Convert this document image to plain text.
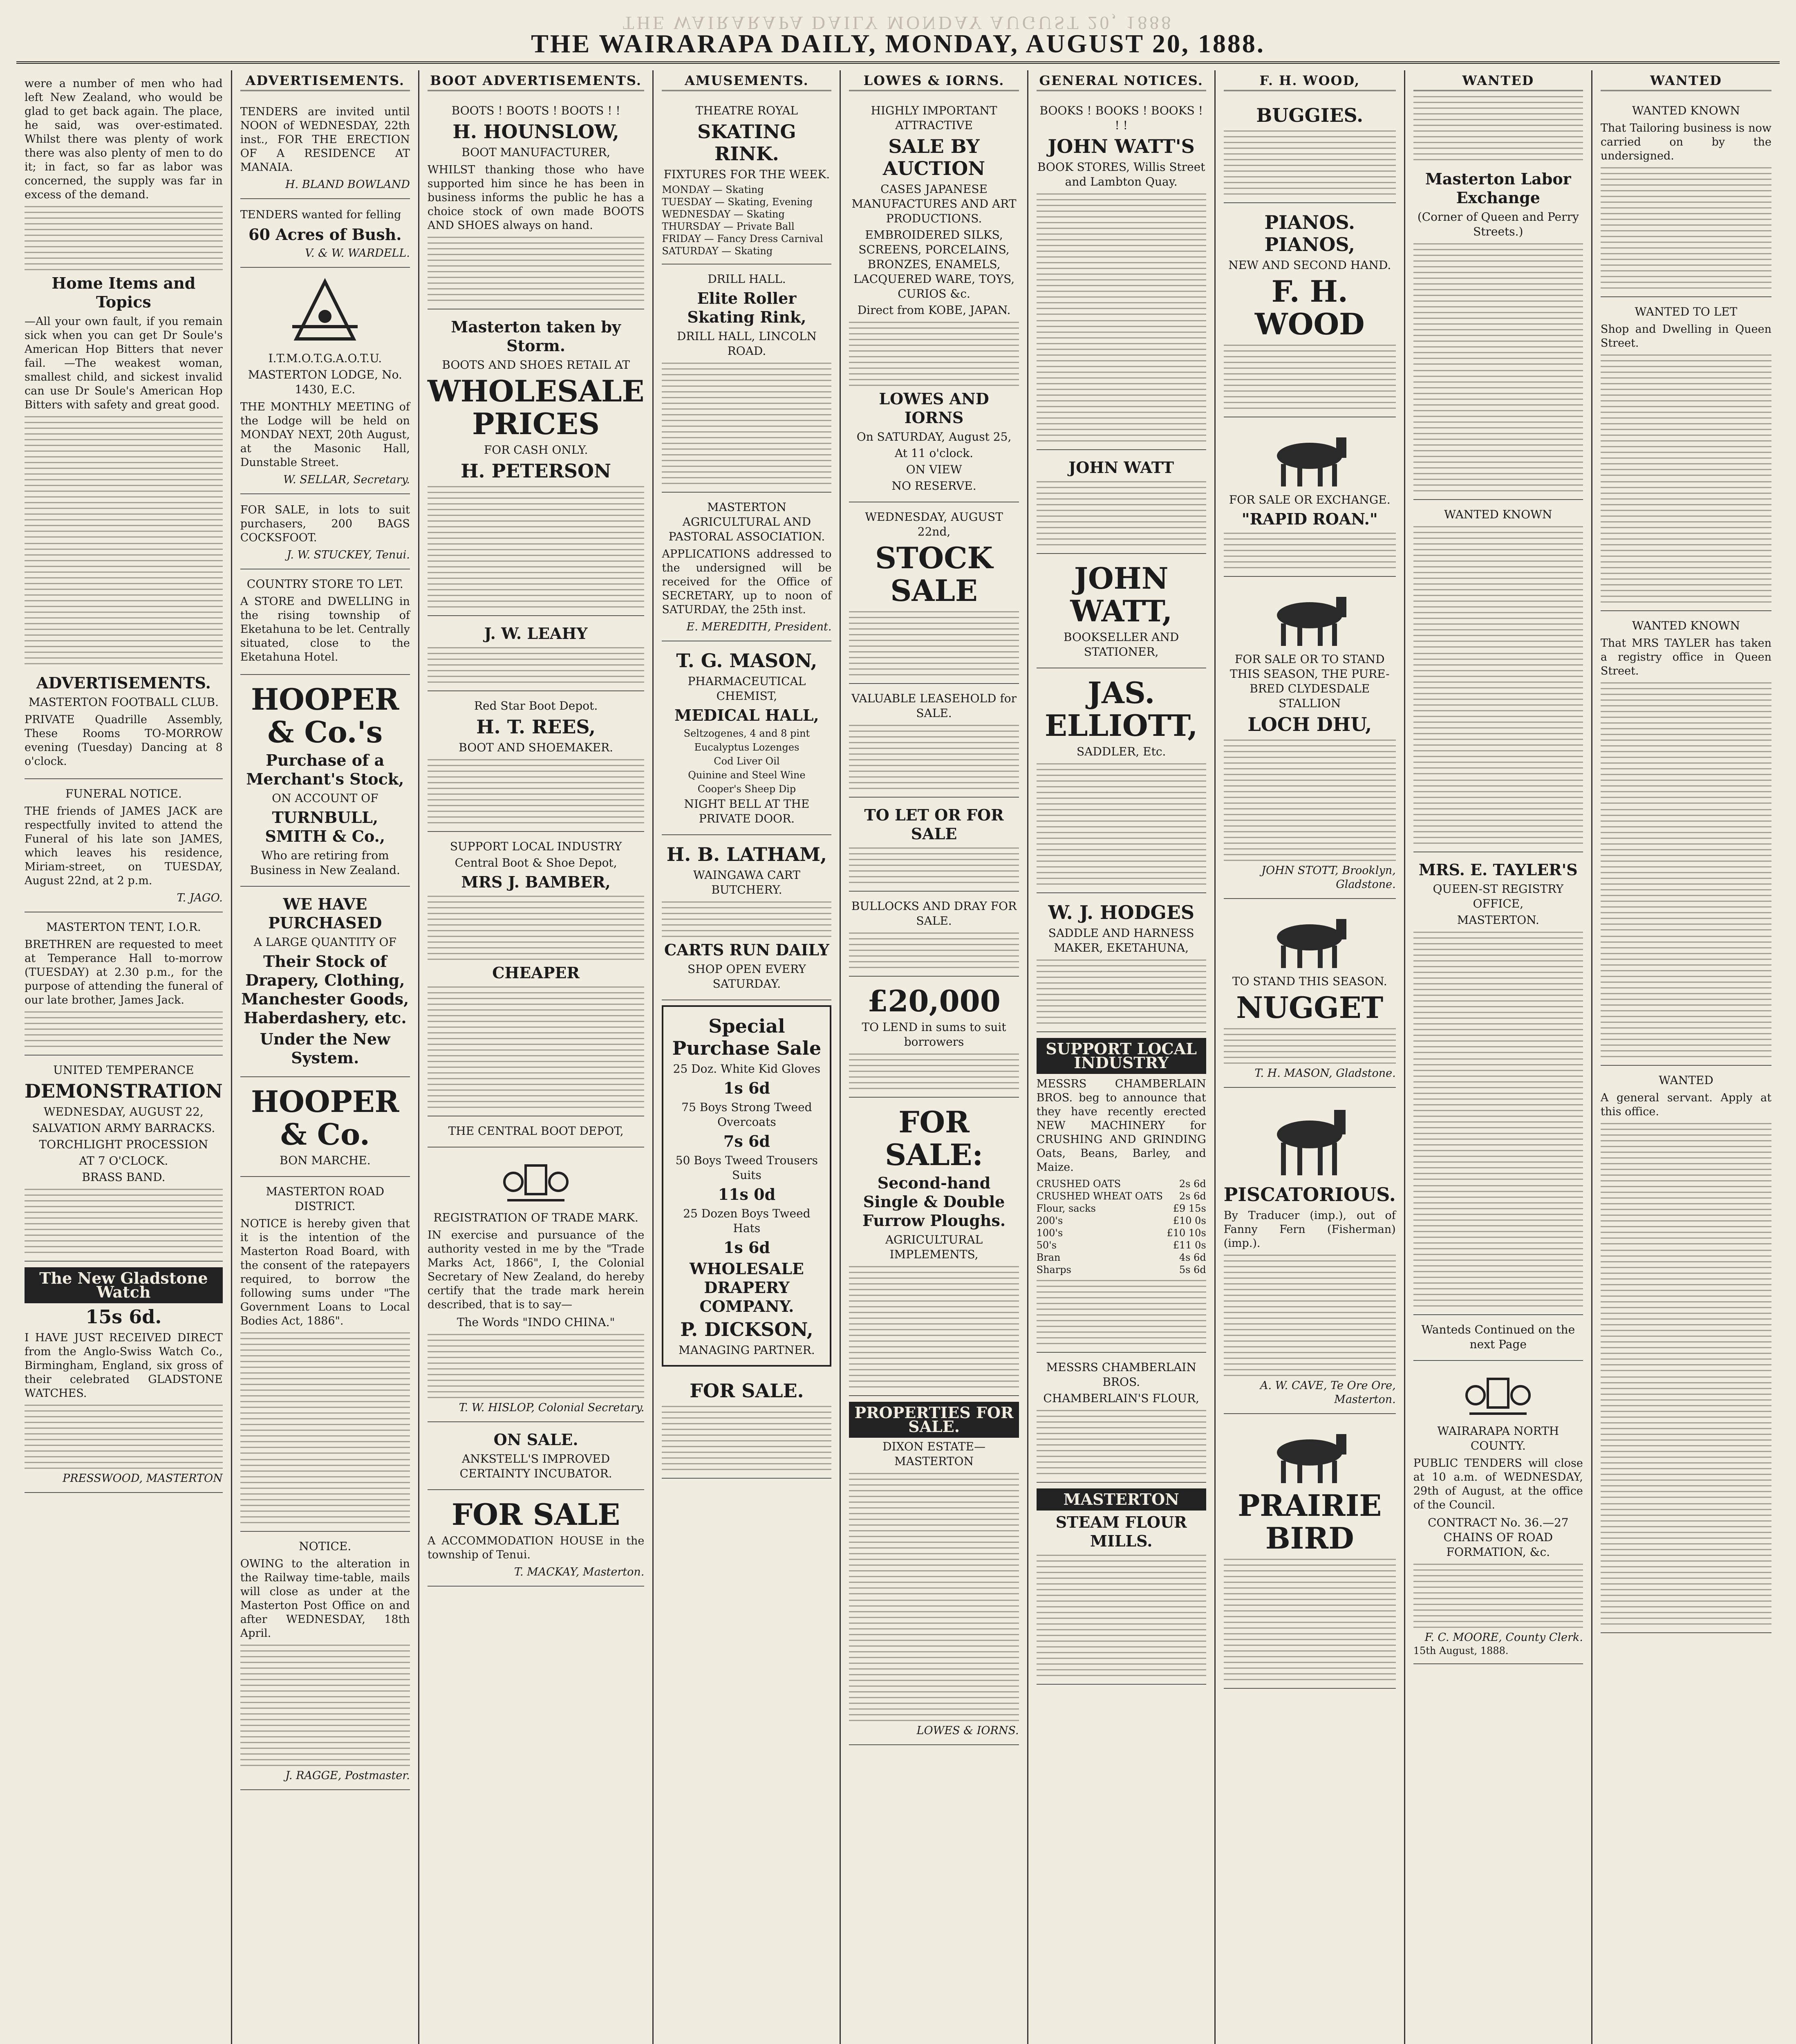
THE WAIRARAPA DAILY MONDAY AUGUST 20, 1888
THE WAIRARAPA DAILY, MONDAY, AUGUST 20, 1888.
were a number of men who had left New Zealand, who would be glad to get back again. The place, he said, was over-estimated. Whilst there was plenty of work there was also plenty of men to do it; in fact, so far as labor was concerned, the supply was far in excess of the demand.
Home Items and Topics
—All your own fault, if you remain sick when you can get Dr Soule's American Hop Bitters that never fail. —The weakest woman, smallest child, and sickest invalid can use Dr Soule's American Hop Bitters with safety and great good.
ADVERTISEMENTS.
MASTERTON FOOTBALL CLUB.
PRIVATE Quadrille Assembly, These Rooms TO-MORROW evening (Tuesday) Dancing at 8 o'clock.
FUNERAL NOTICE.
THE friends of JAMES JACK are respectfully invited to attend the Funeral of his late son JAMES, which leaves his residence, Miriam-street, on TUESDAY, August 22nd, at 2 p.m.
T. JAGO.
MASTERTON TENT, I.O.R.
BRETHREN are requested to meet at Temperance Hall to-morrow (TUESDAY) at 2.30 p.m., for the purpose of attending the funeral of our late brother, James Jack.
UNITED TEMPERANCE
DEMONSTRATION
WEDNESDAY, AUGUST 22,
SALVATION ARMY BARRACKS.
TORCHLIGHT PROCESSION
AT 7 O'CLOCK.
BRASS BAND.
The New Gladstone Watch
15s 6d.
I HAVE JUST RECEIVED DIRECT from the Anglo-Swiss Watch Co., Birmingham, England, six gross of their celebrated GLADSTONE WATCHES.
PRESSWOOD, MASTERTON
ADVERTISEMENTS.
TENDERS are invited until NOON of WEDNESDAY, 22th inst., FOR THE ERECTION OF A RESIDENCE AT MANAIA.
H. BLAND BOWLAND
TENDERS wanted for felling
60 Acres of Bush.
V. & W. WARDELL.
I.T.M.O.T.G.A.O.T.U.
MASTERTON LODGE, No. 1430, E.C.
THE MONTHLY MEETING of the Lodge will be held on MONDAY NEXT, 20th August, at the Masonic Hall, Dunstable Street.
W. SELLAR, Secretary.
FOR SALE, in lots to suit purchasers, 200 BAGS COCKSFOOT.
J. W. STUCKEY, Tenui.
COUNTRY STORE TO LET.
A STORE and DWELLING in the rising township of Eketahuna to be let. Centrally situated, close to the Eketahuna Hotel.
HOOPER & Co.'s
Purchase of a Merchant's Stock,
ON ACCOUNT OF
TURNBULL, SMITH & Co.,
Who are retiring from Business in New Zealand.
WE HAVE PURCHASED
A LARGE QUANTITY OF
Their Stock of Drapery, Clothing, Manchester Goods, Haberdashery, etc.
Under the New System.
HOOPER & Co.
BON MARCHE.
MASTERTON ROAD DISTRICT.
NOTICE is hereby given that it is the intention of the Masterton Road Board, with the consent of the ratepayers required, to borrow the following sums under "The Government Loans to Local Bodies Act, 1886".
NOTICE.
OWING to the alteration in the Railway time-table, mails will close as under at the Masterton Post Office on and after WEDNESDAY, 18th April.
J. RAGGE, Postmaster.
BOOT ADVERTISEMENTS.
BOOTS ! BOOTS ! BOOTS ! !
H. HOUNSLOW,
BOOT MANUFACTURER,
WHILST thanking those who have supported him since he has been in business informs the public he has a choice stock of own made BOOTS AND SHOES always on hand.
Masterton taken by Storm.
BOOTS AND SHOES RETAIL AT
WHOLESALE PRICES
FOR CASH ONLY.
H. PETERSON
J. W. LEAHY
Red Star Boot Depot.
H. T. REES,
BOOT AND SHOEMAKER.
SUPPORT LOCAL INDUSTRY
Central Boot & Shoe Depot,
MRS J. BAMBER,
CHEAPER
THE CENTRAL BOOT DEPOT,
REGISTRATION OF TRADE MARK.
IN exercise and pursuance of the authority vested in me by the "Trade Marks Act, 1866", I, the Colonial Secretary of New Zealand, do hereby certify that the trade mark herein described, that is to say—
The Words "INDO CHINA."
T. W. HISLOP, Colonial Secretary.
ON SALE.
ANKSTELL'S IMPROVED CERTAINTY INCUBATOR.
FOR SALE
A ACCOMMODATION HOUSE in the township of Tenui.
T. MACKAY, Masterton.
AMUSEMENTS.
THEATRE ROYAL
SKATING RINK.
FIXTURES FOR THE WEEK.
MONDAY — Skating
TUESDAY — Skating, Evening
WEDNESDAY — Skating
THURSDAY — Private Ball
FRIDAY — Fancy Dress Carnival
SATURDAY — Skating
DRILL HALL.
Elite Roller Skating Rink,
DRILL HALL, LINCOLN ROAD.
MASTERTON AGRICULTURAL AND PASTORAL ASSOCIATION.
APPLICATIONS addressed to the undersigned will be received for the Office of SECRETARY, up to noon of SATURDAY, the 25th inst.
E. MEREDITH, President.
T. G. MASON,
PHARMACEUTICAL CHEMIST,
MEDICAL HALL,
Seltzogenes, 4 and 8 pint
Eucalyptus Lozenges
Cod Liver Oil
Quinine and Steel Wine
Cooper's Sheep Dip
NIGHT BELL AT THE PRIVATE DOOR.
H. B. LATHAM,
WAINGAWA CART BUTCHERY.
CARTS RUN DAILY
SHOP OPEN EVERY SATURDAY.
Special Purchase Sale
25 Doz. White Kid Gloves
1s 6d
75 Boys Strong Tweed Overcoats
7s 6d
50 Boys Tweed Trousers Suits
11s 0d
25 Dozen Boys Tweed Hats
1s 6d
WHOLESALE DRAPERY COMPANY.
P. DICKSON,
MANAGING PARTNER.
FOR SALE.
LOWES & IORNS.
HIGHLY IMPORTANT ATTRACTIVE
SALE BY AUCTION
CASES JAPANESE MANUFACTURES AND ART PRODUCTIONS.
EMBROIDERED SILKS, SCREENS, PORCELAINS, BRONZES, ENAMELS, LACQUERED WARE, TOYS, CURIOS &c.
Direct from KOBE, JAPAN.
LOWES AND IORNS
On SATURDAY, August 25,
At 11 o'clock.
ON VIEW
NO RESERVE.
WEDNESDAY, AUGUST 22nd,
STOCK SALE
VALUABLE LEASEHOLD for SALE.
TO LET OR FOR SALE
BULLOCKS AND DRAY FOR SALE.
£20,000
TO LEND in sums to suit borrowers
FOR SALE:
Second-hand Single & Double Furrow Ploughs.
AGRICULTURAL IMPLEMENTS,
PROPERTIES FOR SALE.
DIXON ESTATE—MASTERTON
LOWES & IORNS.
GENERAL NOTICES.
BOOKS ! BOOKS ! BOOKS ! ! !
JOHN WATT'S
BOOK STORES, Willis Street and Lambton Quay.
JOHN WATT
JOHN WATT,
BOOKSELLER AND STATIONER,
JAS. ELLIOTT,
SADDLER, Etc.
W. J. HODGES
SADDLE AND HARNESS MAKER, EKETAHUNA,
SUPPORT LOCAL INDUSTRY
MESSRS CHAMBERLAIN BROS. beg to announce that they have recently erected NEW MACHINERY for CRUSHING AND GRINDING Oats, Beans, Barley, and Maize.
CRUSHED OATS	2s 6d
CRUSHED WHEAT OATS 2s 6d
Flour, sacks	£9 15s
200's	£10 0s
100's	£10 10s
50's	£11 0s
Bran	4s 6d
Sharps	5s 6d
MESSRS CHAMBERLAIN BROS.
CHAMBERLAIN'S FLOUR,
MASTERTON
STEAM FLOUR MILLS.
F. H. WOOD,
BUGGIES.
PIANOS. PIANOS,
NEW AND SECOND HAND.
F. H. WOOD
FOR SALE OR EXCHANGE.
"RAPID ROAN."
FOR SALE OR TO STAND THIS SEASON, THE PURE-BRED CLYDESDALE STALLION
LOCH DHU,
JOHN STOTT, Brooklyn, Gladstone.
TO STAND THIS SEASON.
NUGGET
T. H. MASON, Gladstone.
PISCATORIOUS.
By Traducer (imp.), out of Fanny Fern (Fisherman) (imp.).
A. W. CAVE, Te Ore Ore, Masterton.
PRAIRIE BIRD
WANTED
Masterton Labor Exchange
(Corner of Queen and Perry Streets.)
WANTED KNOWN
MRS. E. TAYLER'S
QUEEN-ST REGISTRY OFFICE,
MASTERTON.
Wanteds Continued on the next Page
WAIRARAPA NORTH COUNTY.
PUBLIC TENDERS will close at 10 a.m. of WEDNESDAY, 29th of August, at the office of the Council.
CONTRACT No. 36.—27 CHAINS OF ROAD FORMATION, &c.
F. C. MOORE, County Clerk.
15th August, 1888.
WANTED
WANTED KNOWN
That Tailoring business is now carried on by the undersigned.
WANTED TO LET
Shop and Dwelling in Queen Street.
WANTED KNOWN
That MRS TAYLER has taken a registry office in Queen Street.
WANTED
A general servant. Apply at this office.
